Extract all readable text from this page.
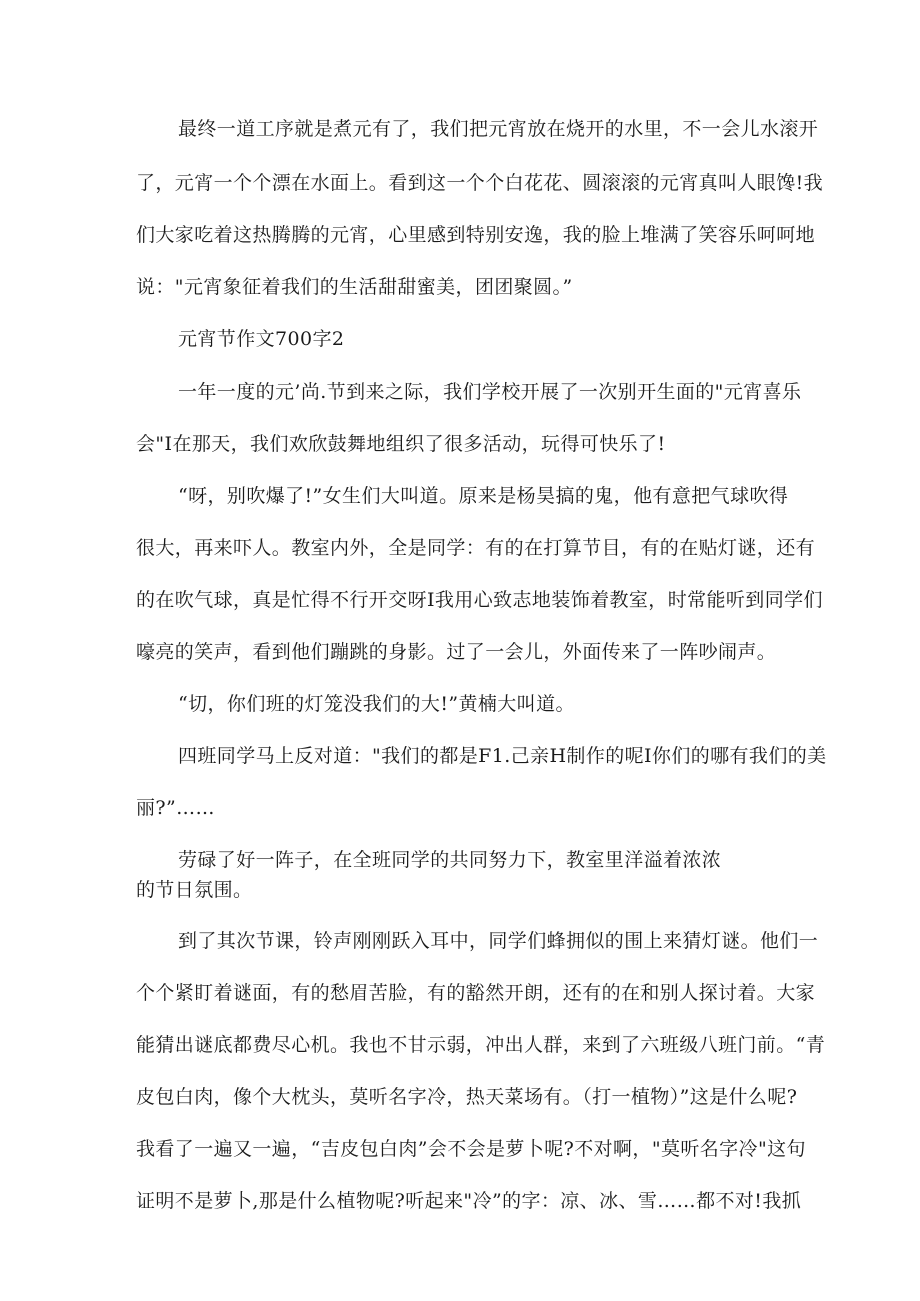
最终一道工序就是煮元有了，我们把元宵放在烧开的水里，不一会儿水滚开
了，元宵一个个漂在水面上。看到这一个个白花花、圆滚滚的元宵真叫人眼馋!我
们大家吃着这热腾腾的元宵，心里感到特别安逸，我的脸上堆满了笑容乐呵呵地
说："元宵象征着我们的生活甜甜蜜美，团团聚圆。”
元宵节作文700字2
一年一度的元’尚.节到来之际，我们学校开展了一次别开生面的"元宵喜乐
会"I在那天，我们欢欣鼓舞地组织了很多活动，玩得可快乐了!
“呀，别吹爆了!”女生们大叫道。原来是杨昊搞的鬼，他有意把气球吹得
很大，再来吓人。教室内外，全是同学：有的在打算节目，有的在贴灯谜，还有
的在吹气球，真是忙得不行开交呀I我用心致志地装饰着教室，时常能听到同学们
嚎亮的笑声，看到他们蹦跳的身影。过了一会儿，外面传来了一阵吵闹声。
“切，你们班的灯笼没我们的大!”黄楠大叫道。
四班同学马上反对道："我们的都是F1.己亲H制作的呢I你们的哪有我们的美
丽?”……
劳碌了好一阵子，在全班同学的共同努力下，教室里洋溢着浓浓
的节日氛围。
到了其次节课，铃声刚刚跃入耳中，同学们蜂拥似的围上来猜灯谜。他们一
个个紧盯着谜面，有的愁眉苦脸，有的豁然开朗，还有的在和别人探讨着。大家
能猜出谜底都费尽心机。我也不甘示弱，冲出人群，来到了六班级八班门前。“青
皮包白肉，像个大枕头，莫听名字冷，热天菜场有。（打一植物）”这是什么呢?
我看了一遍又一遍，“吉皮包白肉”会不会是萝卜呢?不对啊，"莫听名字冷"这句
证明不是萝卜,那是什么植物呢?听起来"冷”的字：凉、冰、雪……都不对!我抓
